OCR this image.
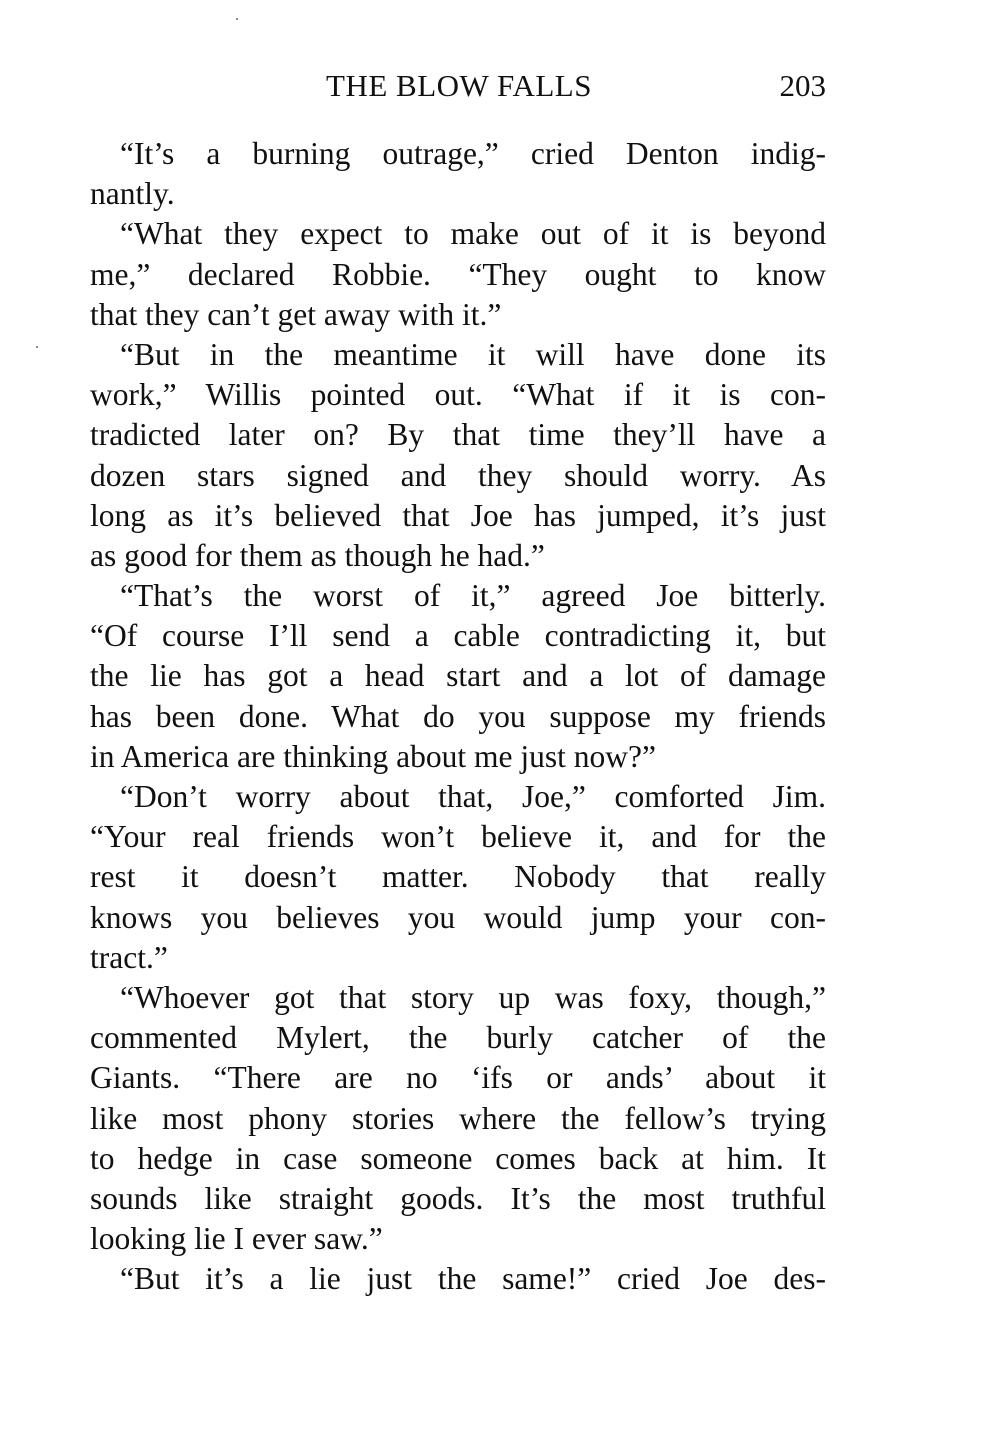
THE BLOW FALLS	203
“It’s a burning outrage,” cried Denton indig-
nantly.
“What they expect to make out of it is beyond
me,” declared Robbie. “They ought to know
that they can’t get away with it.”
“But in the meantime it will have done its
work,” Willis pointed out. “What if it is con-
tradicted later on? By that time they’ll have a
dozen stars signed and they should worry. As
long as it’s believed that Joe has jumped, it’s just
as good for them as though he had.”
“That’s the worst of it,” agreed Joe bitterly.
“Of course I’ll send a cable contradicting it, but
the lie has got a head start and a lot of damage
has been done. What do you suppose my friends
in America are thinking about me just now?”
“Don’t worry about that, Joe,” comforted Jim.
“Your real friends won’t believe it, and for the
rest it doesn’t matter. Nobody that really
knows you believes you would jump your con-
tract.”
“Whoever got that story up was foxy, though,”
commented Mylert, the burly catcher of the
Giants. “There are no ‘ifs or ands’ about it
like most phony stories where the fellow’s trying
to hedge in case someone comes back at him. It
sounds like straight goods. It’s the most truthful
looking lie I ever saw.”
“But it’s a lie just the same!” cried Joe des-
